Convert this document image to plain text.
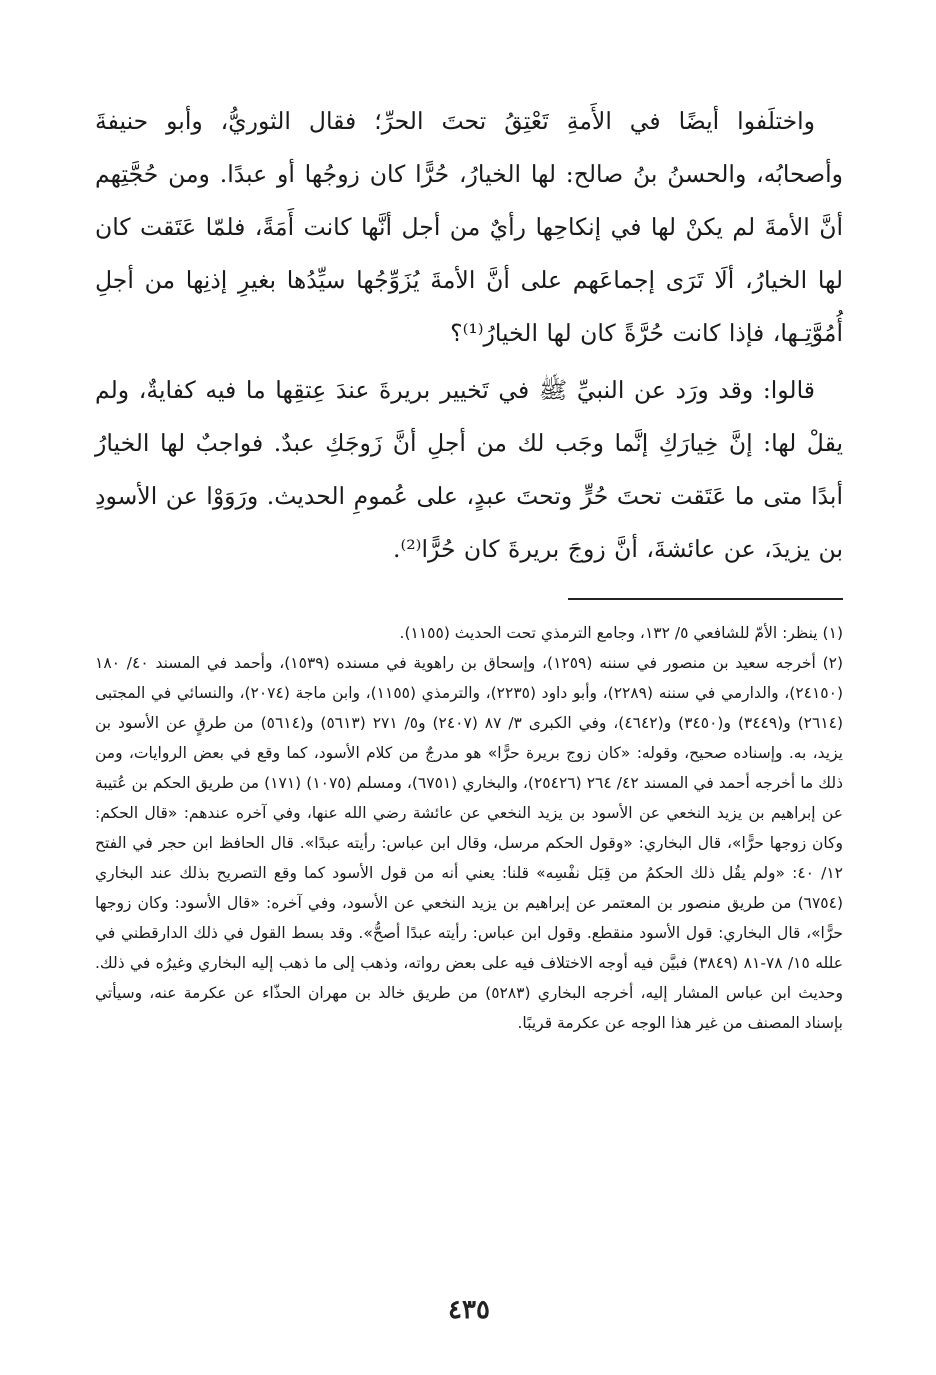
واختلَفوا أيضًا في الأَمةِ تَعْتِقُ تحتَ الحرِّ؛ فقال الثوريُّ، وأبو حنيفةَ وأصحابُه، والحسنُ بنُ صالح: لها الخيارُ، حُرًّا كان زوجُها أو عبدًا. ومن حُجَّتِهم أنَّ الأمةَ لم يكنْ لها في إنكاحِها رأيٌ من أجل أنَّها كانت أَمَةً، فلمّا عَتَقت كان لها الخيارُ، ألَا تَرَى إجماعَهم على أنَّ الأمةَ يُزَوِّجُها سيِّدُها بغيرِ إذنِها من أجلِ أُمُوَّتِـها، فإذا كانت حُرَّةً كان لها الخيارُ⁽¹⁾؟

قالوا: وقد ورَد عن النبيِّ ﷺ في تَخيير بريرةَ عندَ عِتقِها ما فيه كفايةٌ، ولم يقلْ لها: إنَّ خِيارَكِ إنَّما وجَب لك من أجلِ أنَّ زَوجَكِ عبدٌ. فواجبٌ لها الخيارُ أبدًا متى ما عَتَقت تحتَ حُرٍّ وتحتَ عبدٍ، على عُمومِ الحديث. ورَوَوْا عن الأسودِ بن يزيدَ، عن عائشةَ، أنَّ زوجَ بريرةَ كان حُرًّا⁽²⁾.

(١) ينظر: الأمّ للشافعي ٥/ ١٣٢، وجامع الترمذي تحت الحديث (١١٥٥).

(٢) أخرجه سعيد بن منصور في سننه (١٢٥٩)، وإسحاق بن راهوية في مسنده (١٥٣٩)، وأحمد في المسند ٤٠/ ١٨٠ (٢٤١٥٠)، والدارمي في سننه (٢٢٨٩)، وأبو داود (٢٢٣٥)، والترمذي (١١٥٥)، وابن ماجة (٢٠٧٤)، والنسائي في المجتبى (٢٦١٤) و(٣٤٤٩) و(٣٤٥٠) و(٤٦٤٢)، وفي الكبرى ٣/ ٨٧ (٢٤٠٧) و٥/ ٢٧١ (٥٦١٣) و(٥٦١٤) من طرقٍ عن الأسود بن يزيد، به. وإسناده صحيح، وقوله: «كان زوج بريرة حرًّا» هو مدرجٌ من كلام الأسود، كما وقع في بعض الروايات، ومن ذلك ما أخرجه أحمد في المسند ٤٢/ ٢٦٤ (٢٥٤٢٦)، والبخاري (٦٧٥١)، ومسلم (١٠٧٥) (١٧١) من طريق الحكم بن عُتيبة عن إبراهيم بن يزيد النخعي عن الأسود بن يزيد النخعي عن عائشة رضي الله عنها، وفي آخره عندهم: «قال الحكم: وكان زوجها حرًّا»، قال البخاري: «وقول الحكم مرسل، وقال ابن عباس: رأيته عبدًا». قال الحافظ ابن حجر في الفتح ١٢/ ٤٠: «ولم يقُل ذلك الحكمُ من قِبَل نفْسِه» قلنا: يعني أنه من قول الأسود كما وقع التصريح بذلك عند البخاري (٦٧٥٤) من طريق منصور بن المعتمر عن إبراهيم بن يزيد النخعي عن الأسود، وفي آخره: «قال الأسود: وكان زوجها حرًّا»، قال البخاري: قول الأسود منقطع. وقول ابن عباس: رأيته عبدًا أصحُّ». وقد بسط القول في ذلك الدارقطني في علله ١٥/ ٧٨-٨١ (٣٨٤٩) فبيَّن فيه أوجه الاختلاف فيه على بعض رواته، وذهب إلى ما ذهب إليه البخاري وغيرُه في ذلك. وحديث ابن عباس المشار إليه، أخرجه البخاري (٥٢٨٣) من طريق خالد بن مهران الحذّاء عن عكرمة عنه، وسيأتي بإسناد المصنف من غير هذا الوجه عن عكرمة قريبًا.

٤٣٥
